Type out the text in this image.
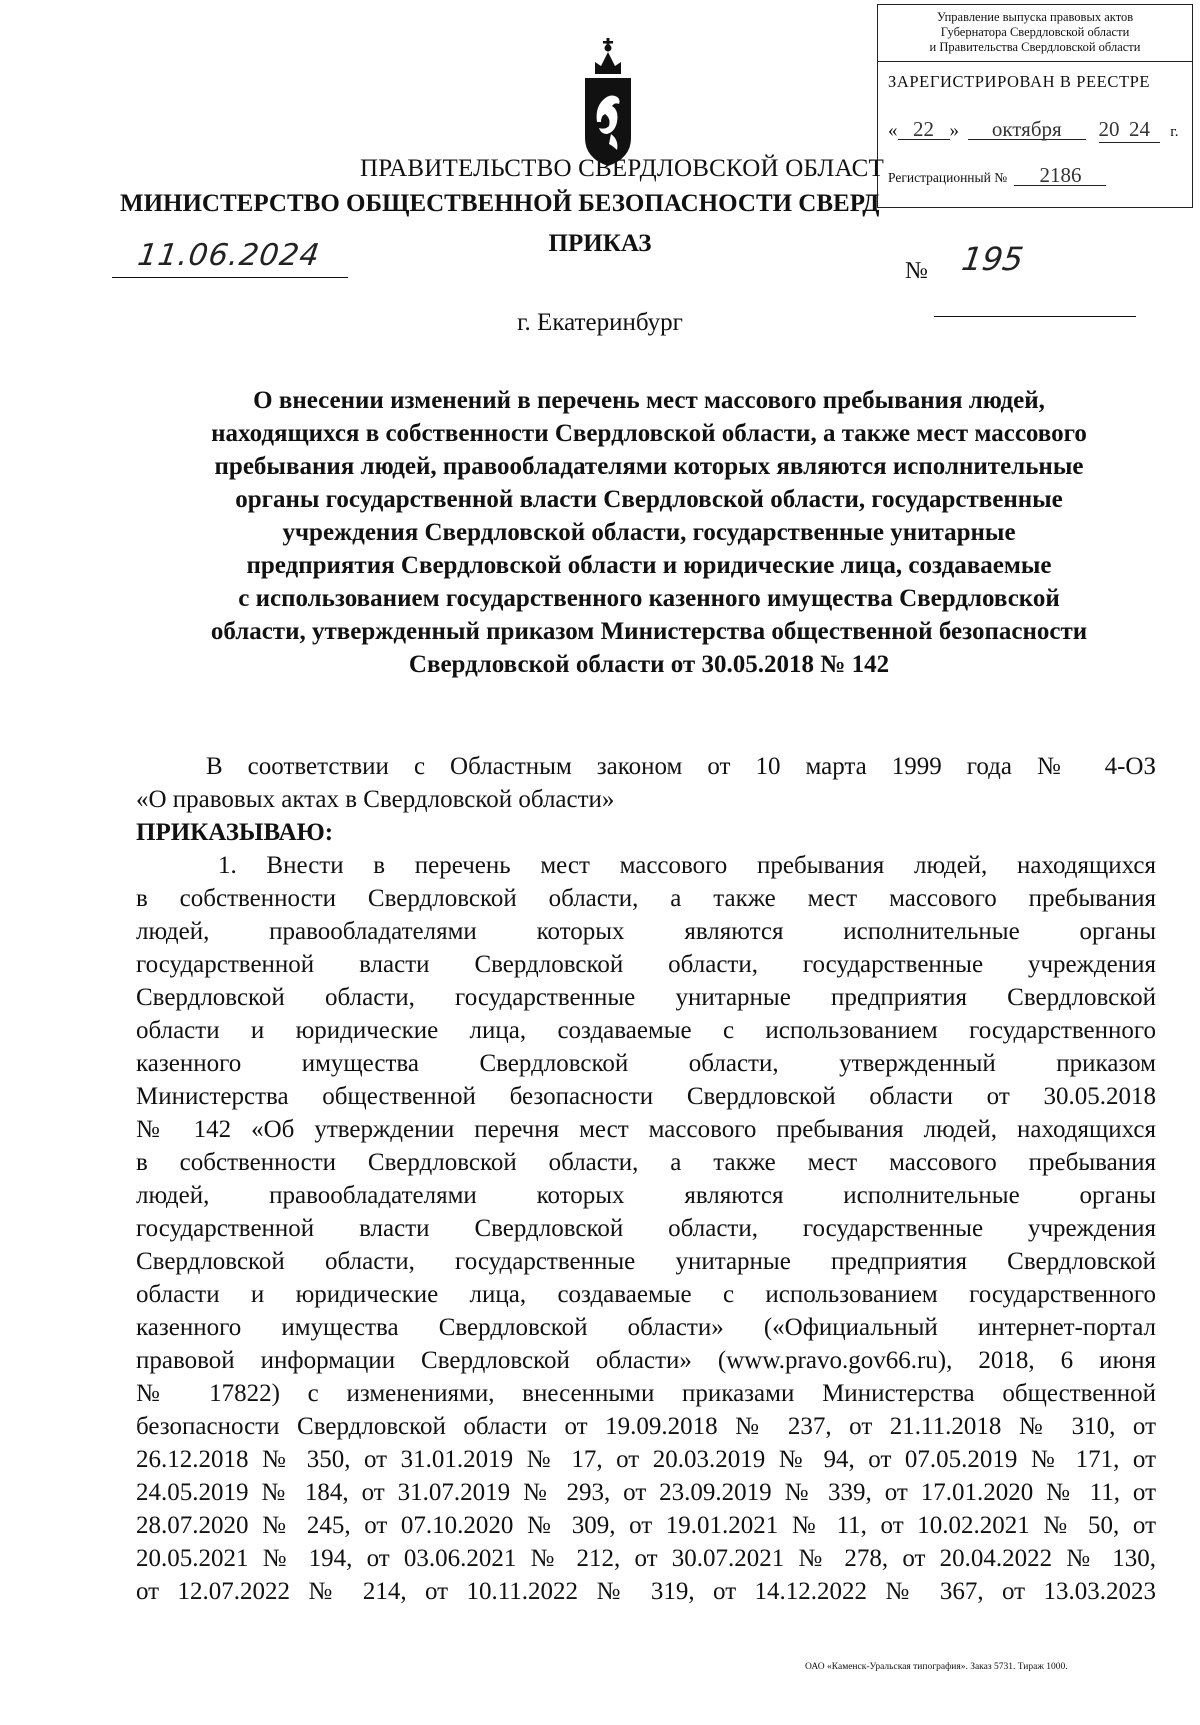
Управление выпуска правовых актов
Губернатора Свердловской области
и Правительства Свердловской области
ЗАРЕГИСТРИРОВАН В РЕЕСТРЕ
« 22 » октября 20 24 г.
Регистрационный № 2186
ПРАВИТЕЛЬСТВО СВЕРДЛОВСКОЙ ОБЛАСТ
МИНИСТЕРСТВО ОБЩЕСТВЕННОЙ БЕЗОПАСНОСТИ СВЕРД
ПРИКАЗ
11.06.2024	№ 195
г. Екатеринбург
О внесении изменений в перечень мест массового пребывания людей,
находящихся в собственности Свердловской области, а также мест массового
пребывания людей, правообладателями которых являются исполнительные
органы государственной власти Свердловской области, государственные
учреждения Свердловской области, государственные унитарные
предприятия Свердловской области и юридические лица, создаваемые
с использованием государственного казенного имущества Свердловской
области, утвержденный приказом Министерства общественной безопасности
Свердловской области от 30.05.2018 № 142

В соответствии с Областным законом от 10 марта 1999 года № 4-ОЗ

«О правовых актах в Свердловской области»

ПРИКАЗЫВАЮ:

1. Внести в перечень мест массового пребывания людей, находящихся

в собственности Свердловской области, а также мест массового пребывания

людей, правообладателями которых являются исполнительные органы

государственной власти Свердловской области, государственные учреждения

Свердловской области, государственные унитарные предприятия Свердловской

области и юридические лица, создаваемые с использованием государственного

казенного имущества Свердловской области, утвержденный приказом

Министерства общественной безопасности Свердловской области от 30.05.2018

№ 142 «Об утверждении перечня мест массового пребывания людей, находящихся

в собственности Свердловской области, а также мест массового пребывания

людей, правообладателями которых являются исполнительные органы

государственной власти Свердловской области, государственные учреждения

Свердловской области, государственные унитарные предприятия Свердловской

области и юридические лица, создаваемые с использованием государственного

казенного имущества Свердловской области» («Официальный интернет-портал

правовой информации Свердловской области» (www.pravo.gov66.ru), 2018, 6 июня

№ 17822) с изменениями, внесенными приказами Министерства общественной

безопасности Свердловской области от 19.09.2018 № 237, от 21.11.2018 № 310, от

26.12.2018 № 350, от 31.01.2019 № 17, от 20.03.2019 № 94, от 07.05.2019 № 171, от

24.05.2019 № 184, от 31.07.2019 № 293, от 23.09.2019 № 339, от 17.01.2020 № 11, от

28.07.2020 № 245, от 07.10.2020 № 309, от 19.01.2021 № 11, от 10.02.2021 № 50, от

20.05.2021 № 194, от 03.06.2021 № 212, от 30.07.2021 № 278, от 20.04.2022 № 130,

от 12.07.2022 № 214, от 10.11.2022 № 319, от 14.12.2022 № 367, от 13.03.2023

ОАО «Каменск-Уральская типография». Заказ 5731. Тираж 1000.
